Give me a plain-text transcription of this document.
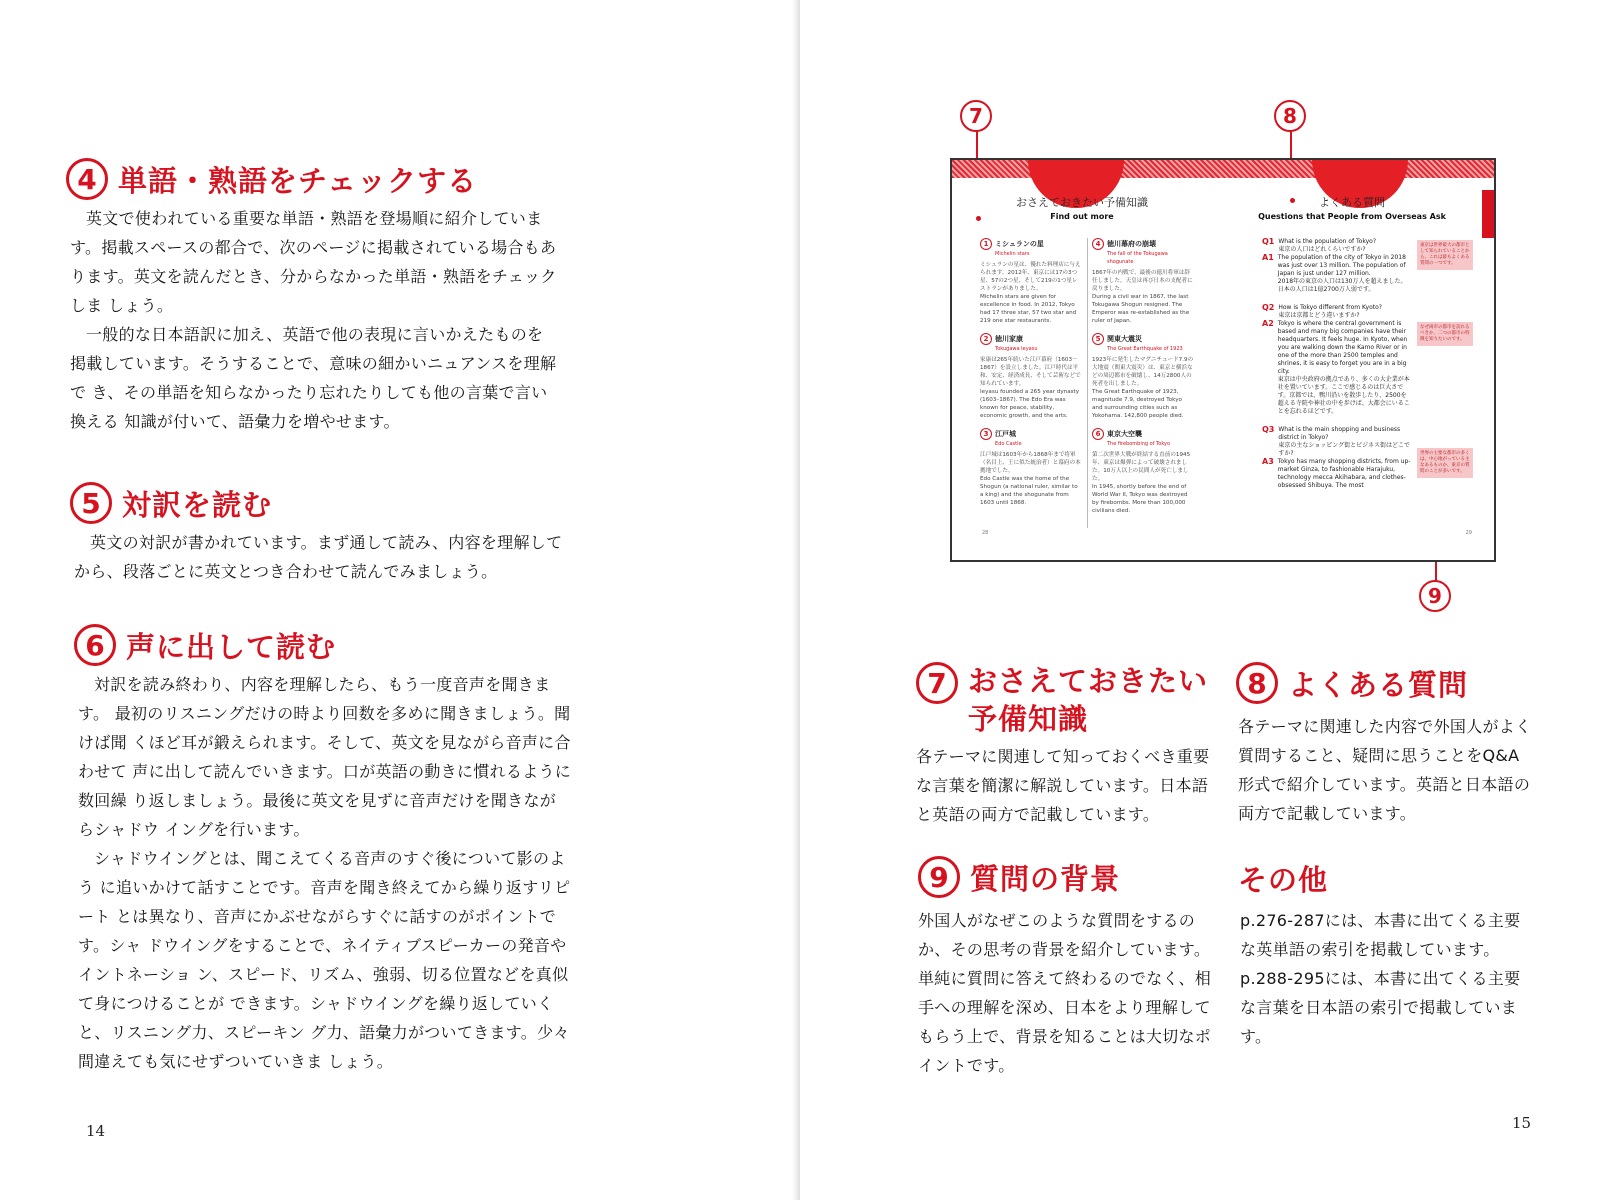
4 単語・熟語をチェックする

英文で使われている重要な単語・熟語を登場順に紹介していま す。掲載スペースの都合で、次のページに掲載されている場合もあ ります。英文を読んだとき、分からなかった単語・熟語をチェックしま しょう。

一般的な日本語訳に加え、英語で他の表現に言いかえたものを 掲載しています。そうすることで、意味の細かいニュアンスを理解で き、その単語を知らなかったり忘れたりしても他の言葉で言い換える 知識が付いて、語彙力を増やせます。

5 対訳を読む

英文の対訳が書かれています。まず通して読み、内容を理解して から、段落ごとに英文とつき合わせて読んでみましょう。

6 声に出して読む

対訳を読み終わり、内容を理解したら、もう一度音声を聞きます。 最初のリスニングだけの時より回数を多めに聞きましょう。聞けば聞 くほど耳が鍛えられます。そして、英文を見ながら音声に合わせて 声に出して読んでいきます。口が英語の動きに慣れるように数回繰 り返しましょう。最後に英文を見ずに音声だけを聞きながらシャドウ イングを行います。

シャドウイングとは、聞こえてくる音声のすぐ後について影のよう に追いかけて話すことです。音声を聞き終えてから繰り返すリピート とは異なり、音声にかぶせながらすぐに話すのがポイントです。シャ ドウイングをすることで、ネイティブスピーカーの発音やイントネーショ ン、スピード、リズム、強弱、切る位置などを真似て身につけることが できます。シャドウイングを繰り返していくと、リスニング力、スピーキン グ力、語彙力がついてきます。少々間違えても気にせずついていきま しょう。

14
7	8
おさえておきたい予備知識
Find out more
よくある質問
Questions that People from Overseas Ask
1 ミシュランの星
Michelin stars
ミシュランの星は、優れた料理店に与えられます。2012年、東京には17の3つ星、57の2つ星、そして219の1つ星レストランがありました。
Michelin stars are given for excellence in food. In 2012, Tokyo had 17 three star, 57 two star and 219 one star restaurants.
2 徳川家康
Tokugawa Ieyasu
家康は265年続いた江戸幕府（1603－1867）を設立しました。江戸時代は平和、安定、経済成長、そして芸術などで知られています。
Ieyasu founded a 265 year dynasty (1603–1867). The Edo Era was known for peace, stability, economic growth, and the arts.
3 江戸城
Edo Castle
江戸城は1603年から1868年まで将軍（名目上、王に似た統治者）と幕府の本拠地でした。
Edo Castle was the home of the Shogun (a national ruler, similar to a king) and the shogunate from 1603 until 1868.
4 徳川幕府の崩壊
The fall of the Tokugawa shogunate
1867年の内戦で、最後の徳川将軍は辞任しました。天皇は再び日本の支配者に戻りました。
During a civil war in 1867, the last Tokugawa Shogun resigned. The Emperor was re-established as the ruler of Japan.
5 関東大震災
The Great Earthquake of 1923
1923年に発生したマグニチュード7.9の大地震（関東大震災）は、東京と横浜などの周辺都市を破壊し、14万2800人の死者を出しました。
The Great Earthquake of 1923, magnitude 7.9, destroyed Tokyo and surrounding cities such as Yokohama. 142,800 people died.
6 東京大空襲
The firebombing of Tokyo
第二次世界大戦が終結する直前の1945年、東京は爆弾によって破壊されました。10万人以上の民間人が死亡しました。
In 1945, shortly before the end of World War II, Tokyo was destroyed by firebombs. More than 100,000 civilians died.
Q1 What is the population of Tokyo?
東京の人口はどれくらいですか?
A1 The population of the city of Tokyo in 2018 was just over 13 million. The population of Japan is just under 127 million.
2018年の東京の人口は130万人を超えました。日本の人口は1億2700万人弱です。
Q2 How is Tokyo different from Kyoto?
東京は京都とどう違いますか?
A2 Tokyo is where the central government is based and many big companies have their headquarters. It feels huge. In Kyoto, when you are walking down the Kamo River or in one of the more than 2500 temples and shrines, it is easy to forget you are in a big city.
東京は中央政府の拠点であり、多くの大企業が本社を置いています。ここで感じるのは巨大さです。京都では、鴨川沿いを散歩したり、2500を超える寺院や神社の中を歩けば、大都会にいることを忘れるほどです。
Q3 What is the main shopping and business district in Tokyo?
東京の主なショッピング街とビジネス街はどこですか?
A3 Tokyo has many shopping districts, from up-market Ginza, to fashionable Harajuku, technology mecca Akihabara, and clothes-obsessed Shibuya. The most
東京は世界最大の都市として知られていることから、これは最もよくある質問の一つです。
なぜ両市の都市を訪れるべきか、二つの都市の特徴を知りたいのです。
世界の主要な都市の多くは、中心地がっている主なあるものか、東京の質問のことが多いです。
28	29
9
7 おさえておきたい
予備知識

各テーマに関連して知っておくべき重要な言葉を簡潔に解説しています。日本語と英語の両方で記載しています。

8 よくある質問

各テーマに関連した内容で外国人がよく質問すること、疑問に思うことをQ&A形式で紹介しています。英語と日本語の両方で記載しています。

9 質問の背景

外国人がなぜこのような質問をするのか、その思考の背景を紹介しています。単純に質問に答えて終わるのでなく、相手への理解を深め、日本をより理解してもらう上で、背景を知ることは大切なポイントです。

その他

p.276-287には、本書に出てくる主要な英単語の索引を掲載しています。p.288-295には、本書に出てくる主要な言葉を日本語の索引で掲載しています。

15
